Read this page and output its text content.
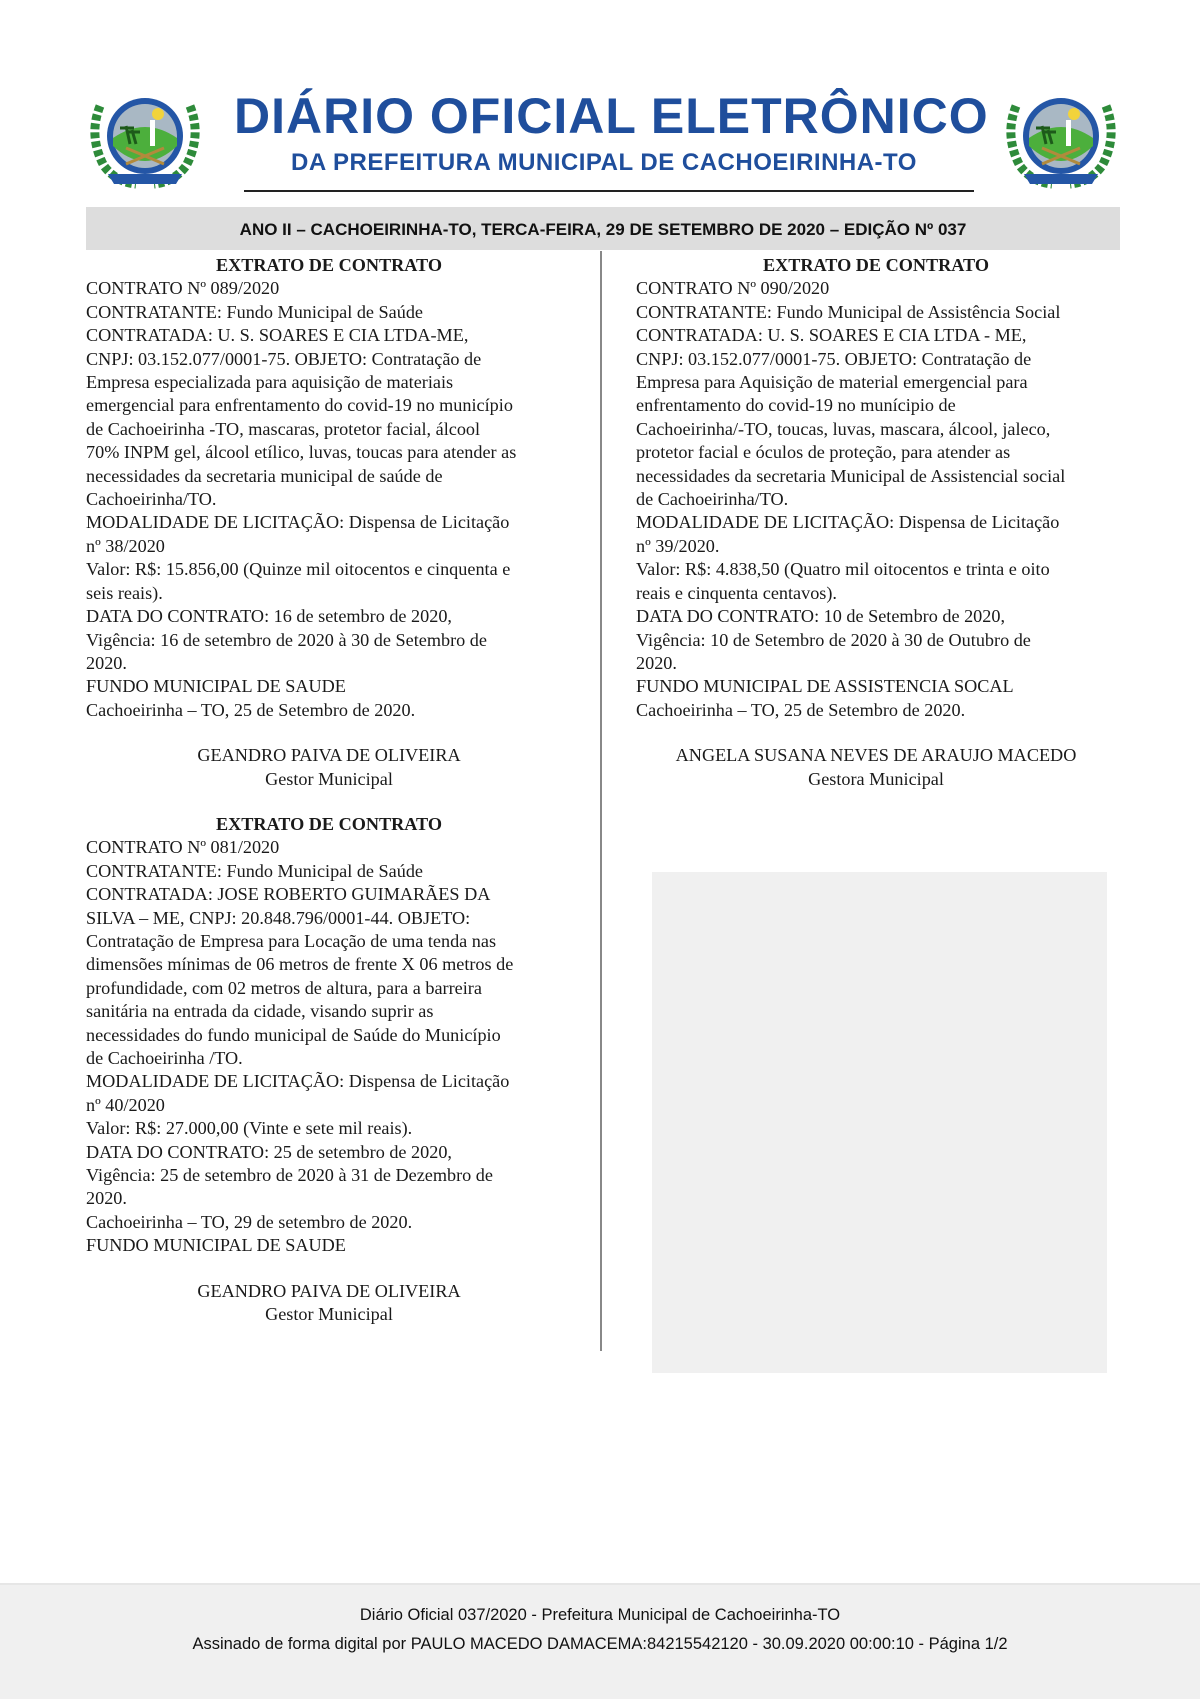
DIÁRIO OFICIAL ELETRÔNICO
DA PREFEITURA MUNICIPAL DE CACHOEIRINHA-TO
ANO II – CACHOEIRINHA-TO, TERCA-FEIRA, 29 DE SETEMBRO DE 2020 – EDIÇÃO Nº 037
EXTRATO DE CONTRATO
CONTRATO Nº 089/2020
CONTRATANTE: Fundo Municipal de Saúde
CONTRATADA: U. S. SOARES E CIA LTDA-ME,
CNPJ: 03.152.077/0001-75. OBJETO: Contratação de
Empresa especializada para aquisição de materiais
emergencial para enfrentamento do covid-19 no município
de Cachoeirinha -TO, mascaras, protetor facial, álcool
70% INPM gel, álcool etílico, luvas, toucas para atender as
necessidades da secretaria municipal de saúde de
Cachoeirinha/TO.
MODALIDADE DE LICITAÇÃO: Dispensa de Licitação
nº 38/2020
Valor: R$: 15.856,00 (Quinze mil oitocentos e cinquenta e
seis reais).
DATA DO CONTRATO: 16 de setembro de 2020,
Vigência: 16 de setembro de 2020 à 30 de Setembro de
2020.
FUNDO MUNICIPAL DE SAUDE
Cachoeirinha – TO, 25 de Setembro de 2020.
GEANDRO PAIVA DE OLIVEIRA
Gestor Municipal
EXTRATO DE CONTRATO
CONTRATO Nº 081/2020
CONTRATANTE: Fundo Municipal de Saúde
CONTRATADA: JOSE ROBERTO GUIMARÃES DA
SILVA – ME, CNPJ: 20.848.796/0001-44. OBJETO:
Contratação de Empresa para Locação de uma tenda nas
dimensões mínimas de 06 metros de frente X 06 metros de
profundidade, com 02 metros de altura, para a barreira
sanitária na entrada da cidade, visando suprir as
necessidades do fundo municipal de Saúde do Município
de Cachoeirinha /TO.
MODALIDADE DE LICITAÇÃO: Dispensa de Licitação
nº 40/2020
Valor: R$: 27.000,00 (Vinte e sete mil reais).
DATA DO CONTRATO: 25 de setembro de 2020,
Vigência: 25 de setembro de 2020 à 31 de Dezembro de
2020.
Cachoeirinha – TO, 29 de setembro de 2020.
FUNDO MUNICIPAL DE SAUDE
GEANDRO PAIVA DE OLIVEIRA
Gestor Municipal
EXTRATO DE CONTRATO
CONTRATO Nº 090/2020
CONTRATANTE: Fundo Municipal de Assistência Social
CONTRATADA: U. S. SOARES E CIA LTDA - ME,
CNPJ: 03.152.077/0001-75. OBJETO: Contratação de
Empresa para Aquisição de material emergencial para
enfrentamento do covid-19 no munícipio de
Cachoeirinha/-TO, toucas, luvas, mascara, álcool, jaleco,
protetor facial e óculos de proteção, para atender as
necessidades da secretaria Municipal de Assistencial social
de Cachoeirinha/TO.
MODALIDADE DE LICITAÇÃO: Dispensa de Licitação
nº 39/2020.
Valor: R$: 4.838,50 (Quatro mil oitocentos e trinta e oito
reais e cinquenta centavos).
DATA DO CONTRATO: 10 de Setembro de 2020,
Vigência: 10 de Setembro de 2020 à 30 de Outubro de
2020.
FUNDO MUNICIPAL DE ASSISTENCIA SOCAL
Cachoeirinha – TO, 25 de Setembro de 2020.
ANGELA SUSANA NEVES DE ARAUJO MACEDO
Gestora Municipal
Diário Oficial 037/2020 - Prefeitura Municipal de Cachoeirinha-TO
Assinado de forma digital por PAULO MACEDO DAMACEMA:84215542120 - 30.09.2020 00:00:10 - Página 1/2
